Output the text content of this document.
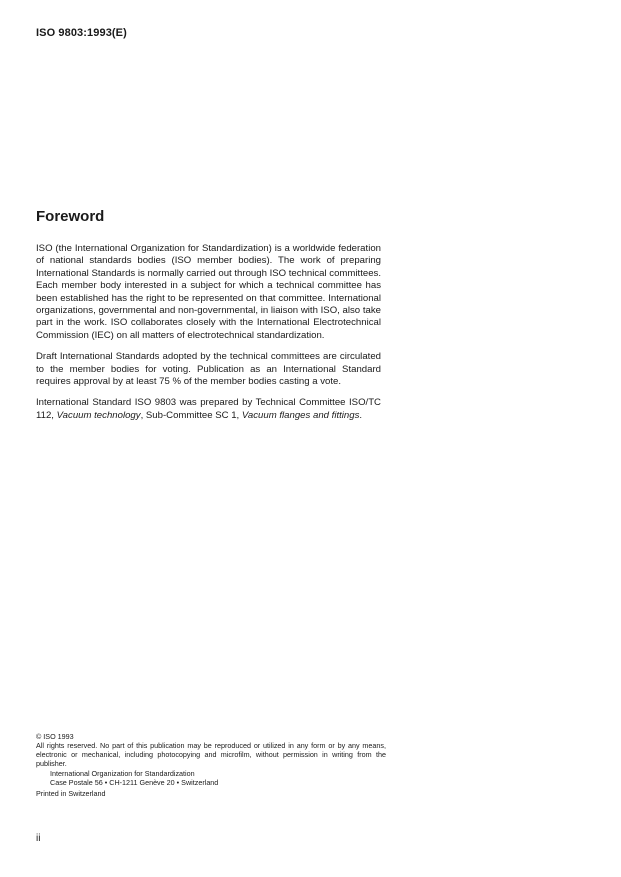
ISO 9803:1993(E)
Foreword

ISO (the International Organization for Standardization) is a worldwide federation of national standards bodies (ISO member bodies). The work of preparing International Standards is normally carried out through ISO technical committees. Each member body interested in a subject for which a technical committee has been established has the right to be represented on that committee. International organizations, governmental and non-governmental, in liaison with ISO, also take part in the work. ISO collaborates closely with the International Electrotechnical Commission (IEC) on all matters of electrotechnical standardization.

Draft International Standards adopted by the technical committees are circulated to the member bodies for voting. Publication as an International Standard requires approval by at least 75 % of the member bodies casting a vote.

International Standard ISO 9803 was prepared by Technical Committee ISO/TC 112, Vacuum technology, Sub-Committee SC 1, Vacuum flanges and fittings.

© ISO 1993

All rights reserved. No part of this publication may be reproduced or utilized in any form or by any means, electronic or mechanical, including photocopying and microfilm, without permission in writing from the publisher.

International Organization for Standardization
Case Postale 56 • CH-1211 Genève 20 • Switzerland

Printed in Switzerland

ii
